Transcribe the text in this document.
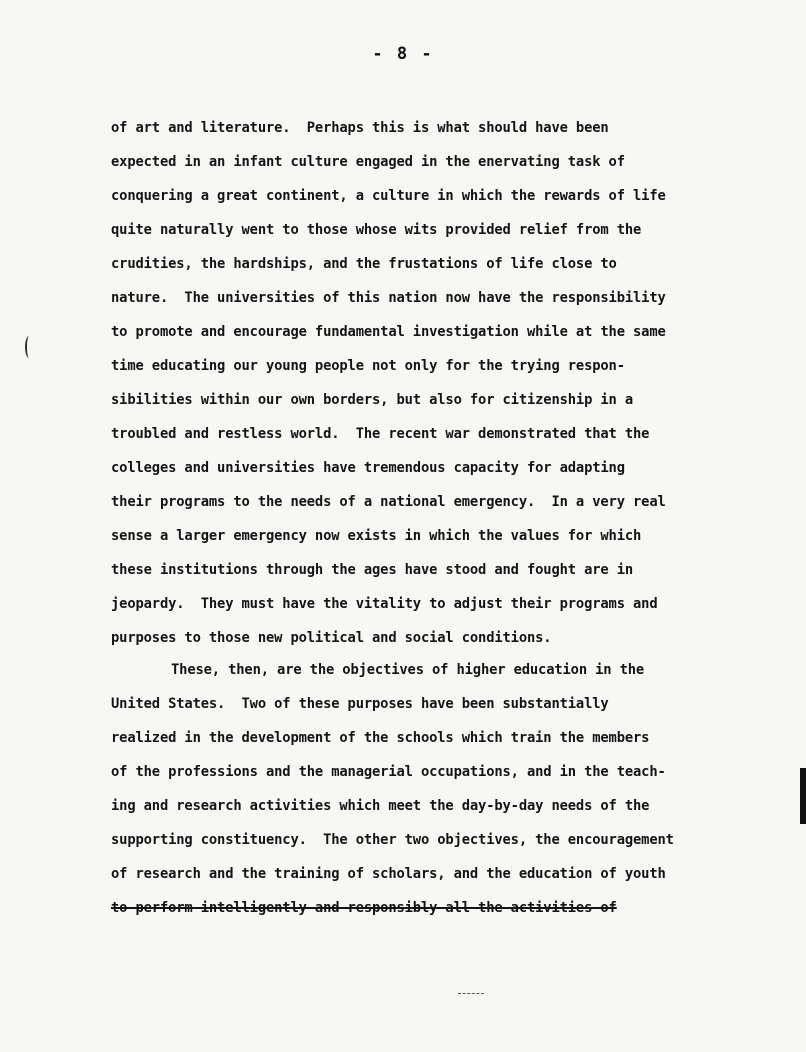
- 8 -
of art and literature.  Perhaps this is what should have been
expected in an infant culture engaged in the enervating task of
conquering a great continent, a culture in which the rewards of life
quite naturally went to those whose wits provided relief from the
crudities, the hardships, and the frustations of life close to
nature.  The universities of this nation now have the responsibility
to promote and encourage fundamental investigation while at the same
time educating our young people not only for the trying respon-
sibilities within our own borders, but also for citizenship in a
troubled and restless world.  The recent war demonstrated that the
colleges and universities have tremendous capacity for adapting
their programs to the needs of a national emergency.  In a very real
sense a larger emergency now exists in which the values for which
these institutions through the ages have stood and fought are in
jeopardy.  They must have the vitality to adjust their programs and
purposes to those new political and social conditions.
These, then, are the objectives of higher education in the
United States.  Two of these purposes have been substantially
realized in the development of the schools which train the members
of the professions and the managerial occupations, and in the teach-
ing and research activities which meet the day-by-day needs of the
supporting constituency.  The other two objectives, the encouragement
of research and the training of scholars, and the education of youth
to perform intelligently and responsibly all the activities of
